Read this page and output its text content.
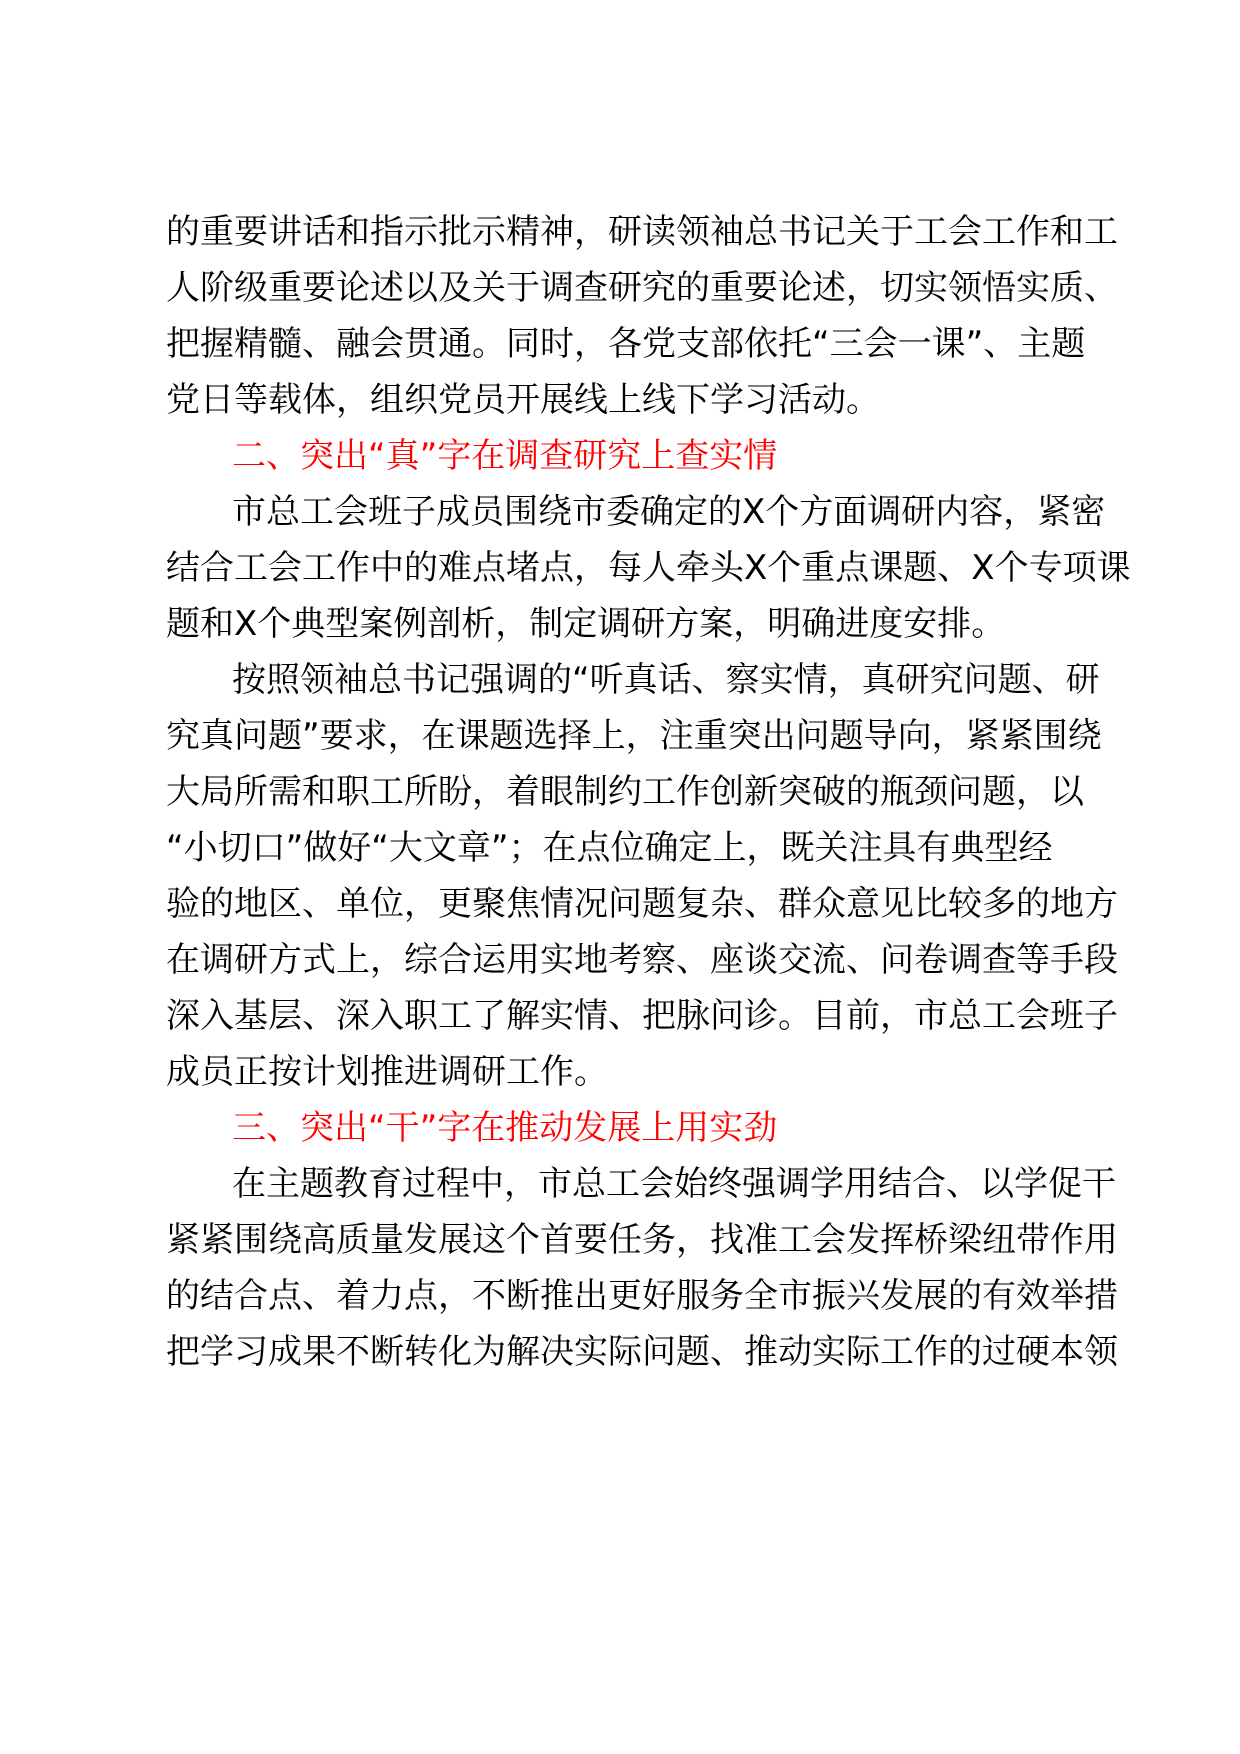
的重要讲话和指示批示精神，研读领袖总书记关于工会工作和工

人阶级重要论述以及关于调查研究的重要论述，切实领悟实质、

把握精髓、融会贯通。同时，各党支部依托“三会一课”、主题

党日等载体，组织党员开展线上线下学习活动。

二、突出“真”字在调查研究上查实情

市总工会班子成员围绕市委确定的X个方面调研内容，紧密

结合工会工作中的难点堵点，每人牵头X个重点课题、X个专项课

题和X个典型案例剖析，制定调研方案，明确进度安排。

按照领袖总书记强调的“听真话、察实情，真研究问题、研

究真问题”要求，在课题选择上，注重突出问题导向，紧紧围绕

大局所需和职工所盼，着眼制约工作创新突破的瓶颈问题，以

“小切口”做好“大文章”；在点位确定上，既关注具有典型经

验的地区、单位，更聚焦情况问题复杂、群众意见比较多的地方

在调研方式上，综合运用实地考察、座谈交流、问卷调查等手段

深入基层、深入职工了解实情、把脉问诊。目前，市总工会班子

成员正按计划推进调研工作。

三、突出“干”字在推动发展上用实劲

在主题教育过程中，市总工会始终强调学用结合、以学促干

紧紧围绕高质量发展这个首要任务，找准工会发挥桥梁纽带作用

的结合点、着力点，不断推出更好服务全市振兴发展的有效举措

把学习成果不断转化为解决实际问题、推动实际工作的过硬本领
